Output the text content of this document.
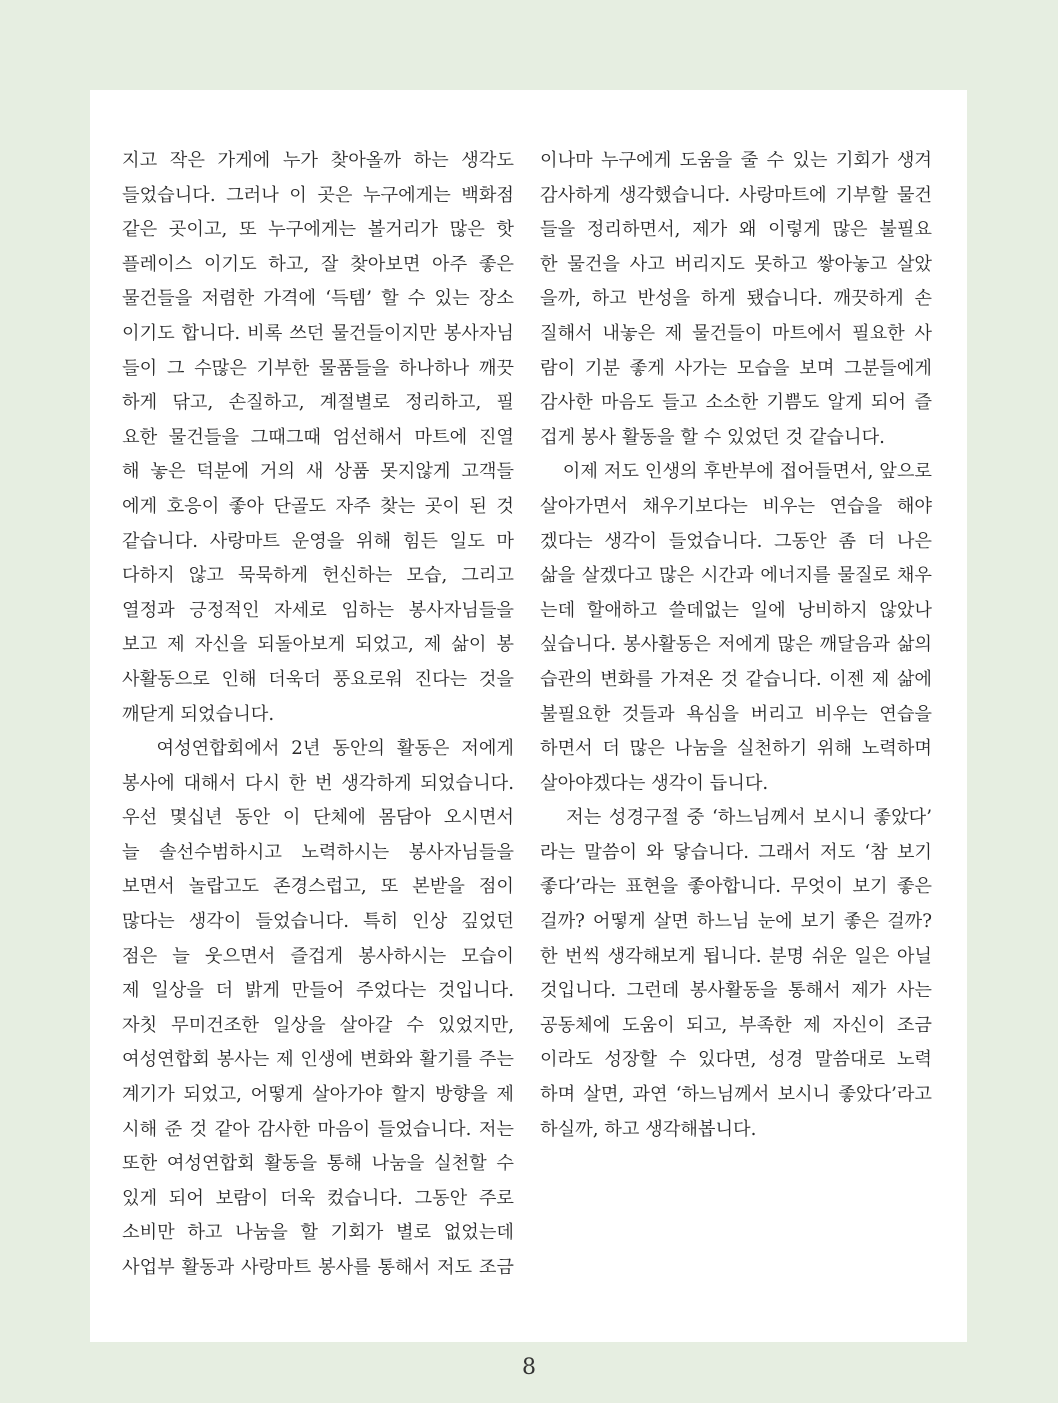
지고 작은 가게에 누가 찾아올까 하는 생각도
들었습니다. 그러나 이 곳은 누구에게는 백화점
같은 곳이고, 또 누구에게는 볼거리가 많은 핫
플레이스 이기도 하고, 잘 찾아보면 아주 좋은
물건들을 저렴한 가격에 ‘득템’ 할 수 있는 장소
이기도 합니다. 비록 쓰던 물건들이지만 봉사자님
들이 그 수많은 기부한 물품들을 하나하나 깨끗
하게 닦고, 손질하고, 계절별로 정리하고, 필
요한 물건들을 그때그때 엄선해서 마트에 진열
해 놓은 덕분에 거의 새 상품 못지않게 고객들
에게 호응이 좋아 단골도 자주 찾는 곳이 된 것
같습니다. 사랑마트 운영을 위해 힘든 일도 마
다하지 않고 묵묵하게 헌신하는 모습, 그리고
열정과 긍정적인 자세로 임하는 봉사자님들을
보고 제 자신을 되돌아보게 되었고, 제 삶이 봉
사활동으로 인해 더욱더 풍요로워 진다는 것을
깨닫게 되었습니다.
여성연합회에서 2년 동안의 활동은 저에게
봉사에 대해서 다시 한 번 생각하게 되었습니다.
우선 몇십년 동안 이 단체에 몸담아 오시면서
늘 솔선수범하시고 노력하시는 봉사자님들을
보면서 놀랍고도 존경스럽고, 또 본받을 점이
많다는 생각이 들었습니다. 특히 인상 깊었던
점은 늘 웃으면서 즐겁게 봉사하시는 모습이
제 일상을 더 밝게 만들어 주었다는 것입니다.
자칫 무미건조한 일상을 살아갈 수 있었지만,
여성연합회 봉사는 제 인생에 변화와 활기를 주는
계기가 되었고, 어떻게 살아가야 할지 방향을 제
시해 준 것 같아 감사한 마음이 들었습니다. 저는
또한 여성연합회 활동을 통해 나눔을 실천할 수
있게 되어 보람이 더욱 컸습니다. 그동안 주로
소비만 하고 나눔을 할 기회가 별로 없었는데
사업부 활동과 사랑마트 봉사를 통해서 저도 조금
이나마 누구에게 도움을 줄 수 있는 기회가 생겨
감사하게 생각했습니다. 사랑마트에 기부할 물건
들을 정리하면서, 제가 왜 이렇게 많은 불필요
한 물건을 사고 버리지도 못하고 쌓아놓고 살았
을까, 하고 반성을 하게 됐습니다. 깨끗하게 손
질해서 내놓은 제 물건들이 마트에서 필요한 사
람이 기분 좋게 사가는 모습을 보며 그분들에게
감사한 마음도 들고 소소한 기쁨도 알게 되어 즐
겁게 봉사 활동을 할 수 있었던 것 같습니다.
이제 저도 인생의 후반부에 접어들면서, 앞으로
살아가면서 채우기보다는 비우는 연습을 해야
겠다는 생각이 들었습니다. 그동안 좀 더 나은
삶을 살겠다고 많은 시간과 에너지를 물질로 채우
는데 할애하고 쓸데없는 일에 낭비하지 않았나
싶습니다. 봉사활동은 저에게 많은 깨달음과 삶의
습관의 변화를 가져온 것 같습니다. 이젠 제 삶에
불필요한 것들과 욕심을 버리고 비우는 연습을
하면서 더 많은 나눔을 실천하기 위해 노력하며
살아야겠다는 생각이 듭니다.
저는 성경구절 중 ‘하느님께서 보시니 좋았다’
라는 말씀이 와 닿습니다. 그래서 저도 ‘참 보기
좋다’라는 표현을 좋아합니다. 무엇이 보기 좋은
걸까? 어떻게 살면 하느님 눈에 보기 좋은 걸까?
한 번씩 생각해보게 됩니다. 분명 쉬운 일은 아닐
것입니다. 그런데 봉사활동을 통해서 제가 사는
공동체에 도움이 되고, 부족한 제 자신이 조금
이라도 성장할 수 있다면, 성경 말씀대로 노력
하며 살면, 과연 ‘하느님께서 보시니 좋았다’라고
하실까, 하고 생각해봅니다.
8
